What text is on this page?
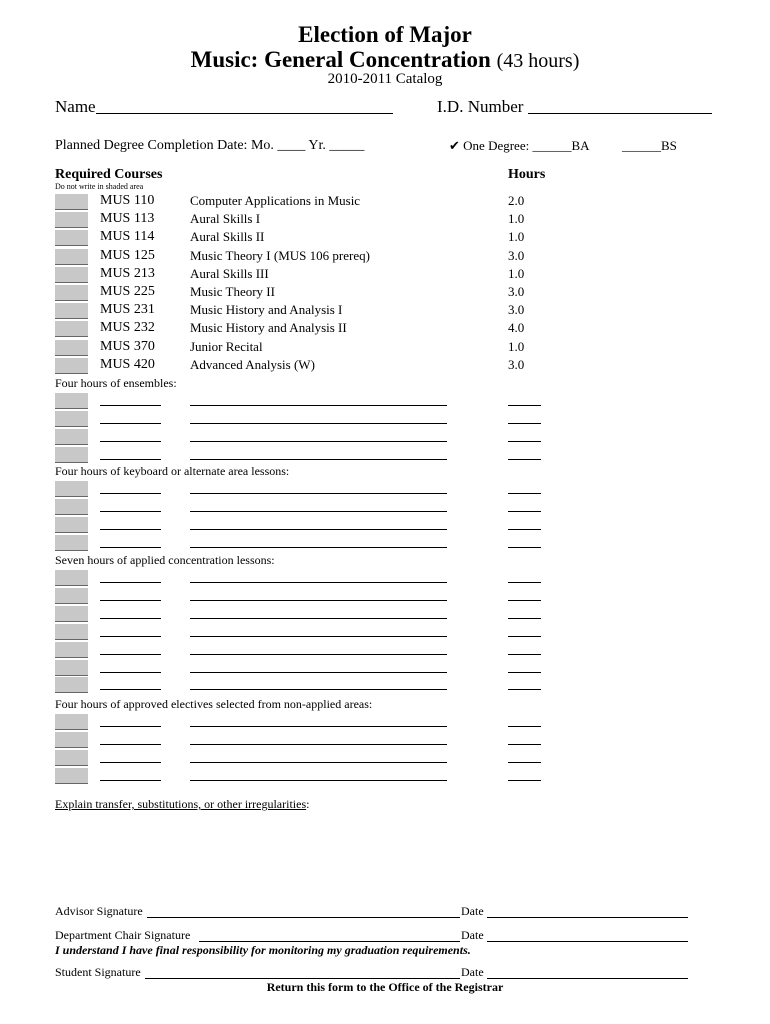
Election of Major
Music: General Concentration (43 hours)
2010-2011 Catalog
Name	I.D. Number
Planned Degree Completion Date: Mo. ____ Yr. _____	✔ One Degree: ______BA ______BS
Required Courses
Do not write in shaded area
Hours
MUS 110	Computer Applications in Music	2.0
MUS 113	Aural Skills I	1.0
MUS 114	Aural Skills II	1.0
MUS 125	Music Theory I (MUS 106 prereq)	3.0
MUS 213	Aural Skills III	1.0
MUS 225	Music Theory II	3.0
MUS 231	Music History and Analysis I	3.0
MUS 232	Music History and Analysis II	4.0
MUS 370	Junior Recital	1.0
MUS 420	Advanced Analysis (W)	3.0
Four hours of ensembles:
Four hours of keyboard or alternate area lessons:
Seven hours of applied concentration lessons:
Four hours of approved electives selected from non-applied areas:
Explain transfer, substitutions, or other irregularities:
Advisor Signature	Date
Department Chair Signature	Date
I understand I have final responsibility for monitoring my graduation requirements.
Student Signature	Date
Return this form to the Office of the Registrar
